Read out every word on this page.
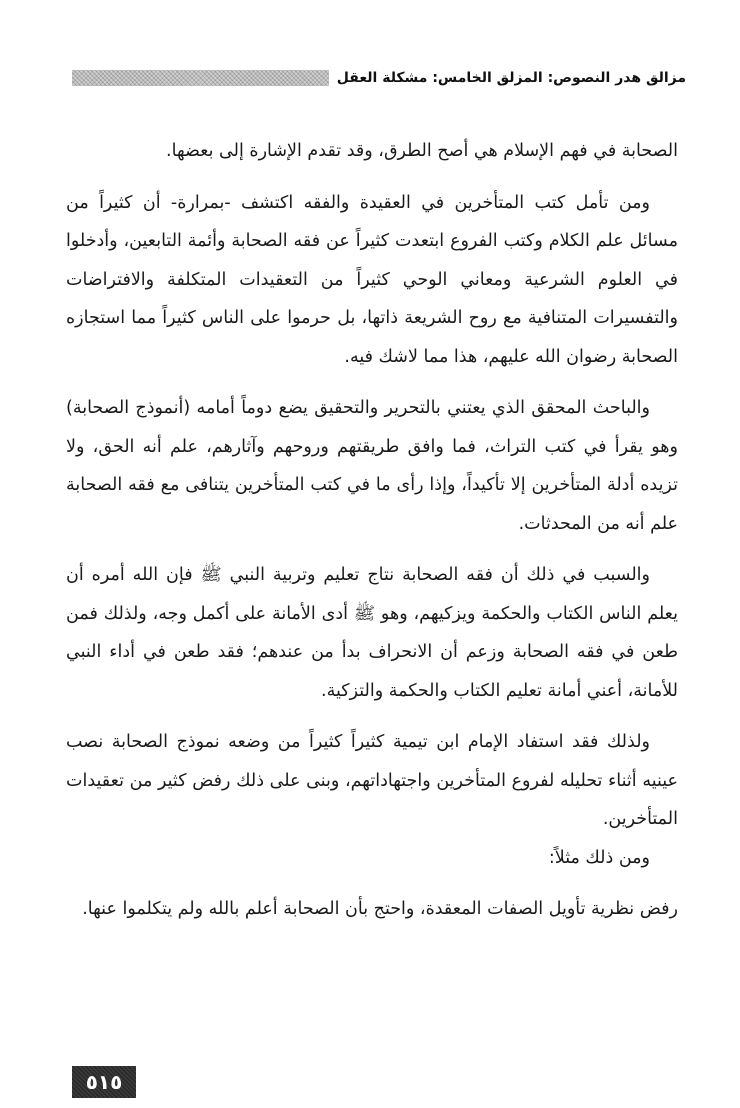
مزالق هدر النصوص: المزلق الخامس: مشكلة العقل

الصحابة في فهم الإسلام هي أصح الطرق، وقد تقدم الإشارة إلى بعضها.

ومن تأمل كتب المتأخرين في العقيدة والفقه اكتشف -بمرارة- أن كثيراً من مسائل علم الكلام وكتب الفروع ابتعدت كثيراً عن فقه الصحابة وأئمة التابعين، وأدخلوا في العلوم الشرعية ومعاني الوحي كثيراً من التعقيدات المتكلفة والافتراضات والتفسيرات المتنافية مع روح الشريعة ذاتها، بل حرموا على الناس كثيراً مما استجازه الصحابة رضوان الله عليهم، هذا مما لاشك فيه.

والباحث المحقق الذي يعتني بالتحرير والتحقيق يضع دوماً أمامه (أنموذج الصحابة) وهو يقرأ في كتب التراث، فما وافق طريقتهم وروحهم وآثارهم، علم أنه الحق، ولا تزيده أدلة المتأخرين إلا تأكيداً، وإذا رأى ما في كتب المتأخرين يتنافى مع فقه الصحابة علم أنه من المحدثات.

والسبب في ذلك أن فقه الصحابة نتاج تعليم وتربية النبي ﷺ فإن الله أمره أن يعلم الناس الكتاب والحكمة ويزكيهم، وهو ﷺ أدى الأمانة على أكمل وجه، ولذلك فمن طعن في فقه الصحابة وزعم أن الانحراف بدأ من عندهم؛ فقد طعن في أداء النبي للأمانة، أعني أمانة تعليم الكتاب والحكمة والتزكية.

ولذلك فقد استفاد الإمام ابن تيمية كثيراً كثيراً من وضعه نموذج الصحابة نصب عينيه أثناء تحليله لفروع المتأخرين واجتهاداتهم، وبنى على ذلك رفض كثير من تعقيدات المتأخرين.

ومن ذلك مثلاً:

رفض نظرية تأويل الصفات المعقدة، واحتج بأن الصحابة أعلم بالله ولم يتكلموا عنها.

٥١٥
